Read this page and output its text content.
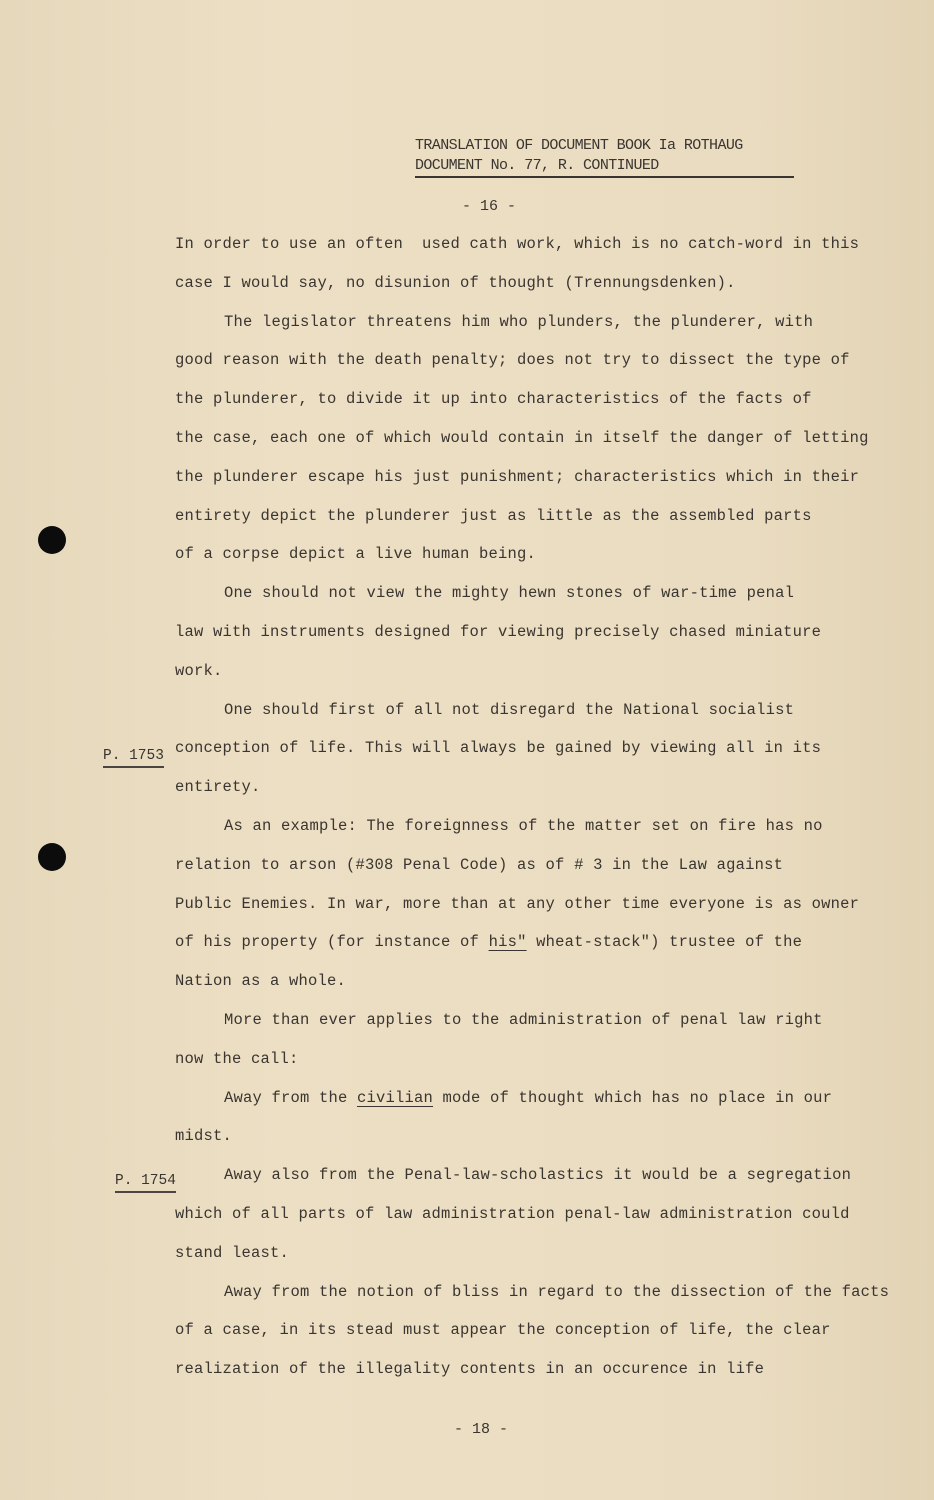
TRANSLATION OF DOCUMENT BOOK Ia ROTHAUG
DOCUMENT No. 77, R. CONTINUED
- 16 -
- 18 -
P. 1753
P. 1754
In order to use an often  used cath work, which is no catch-word in this
case I would say, no disunion of thought (Trennungsdenken).
The legislator threatens him who plunders, the plunderer, with
good reason with the death penalty; does not try to dissect the type of
the plunderer, to divide it up into characteristics of the facts of
the case, each one of which would contain in itself the danger of letting
the plunderer escape his just punishment; characteristics which in their
entirety depict the plunderer just as little as the assembled parts
of a corpse depict a live human being.
One should not view the mighty hewn stones of war-time penal
law with instruments designed for viewing precisely chased miniature
work.
One should first of all not disregard the National socialist
conception of life. This will always be gained by viewing all in its
entirety.
As an example: The foreignness of the matter set on fire has no
relation to arson (#308 Penal Code) as of # 3 in the Law against
Public Enemies. In war, more than at any other time everyone is as owner
of his property (for instance of his" wheat-stack") trustee of the
Nation as a whole.
More than ever applies to the administration of penal law right
now the call:
Away from the civilian mode of thought which has no place in our
midst.
Away also from the Penal-law-scholastics it would be a segregation
which of all parts of law administration penal-law administration could
stand least.
Away from the notion of bliss in regard to the dissection of the facts
of a case, in its stead must appear the conception of life, the clear
realization of the illegality contents in an occurence in life
